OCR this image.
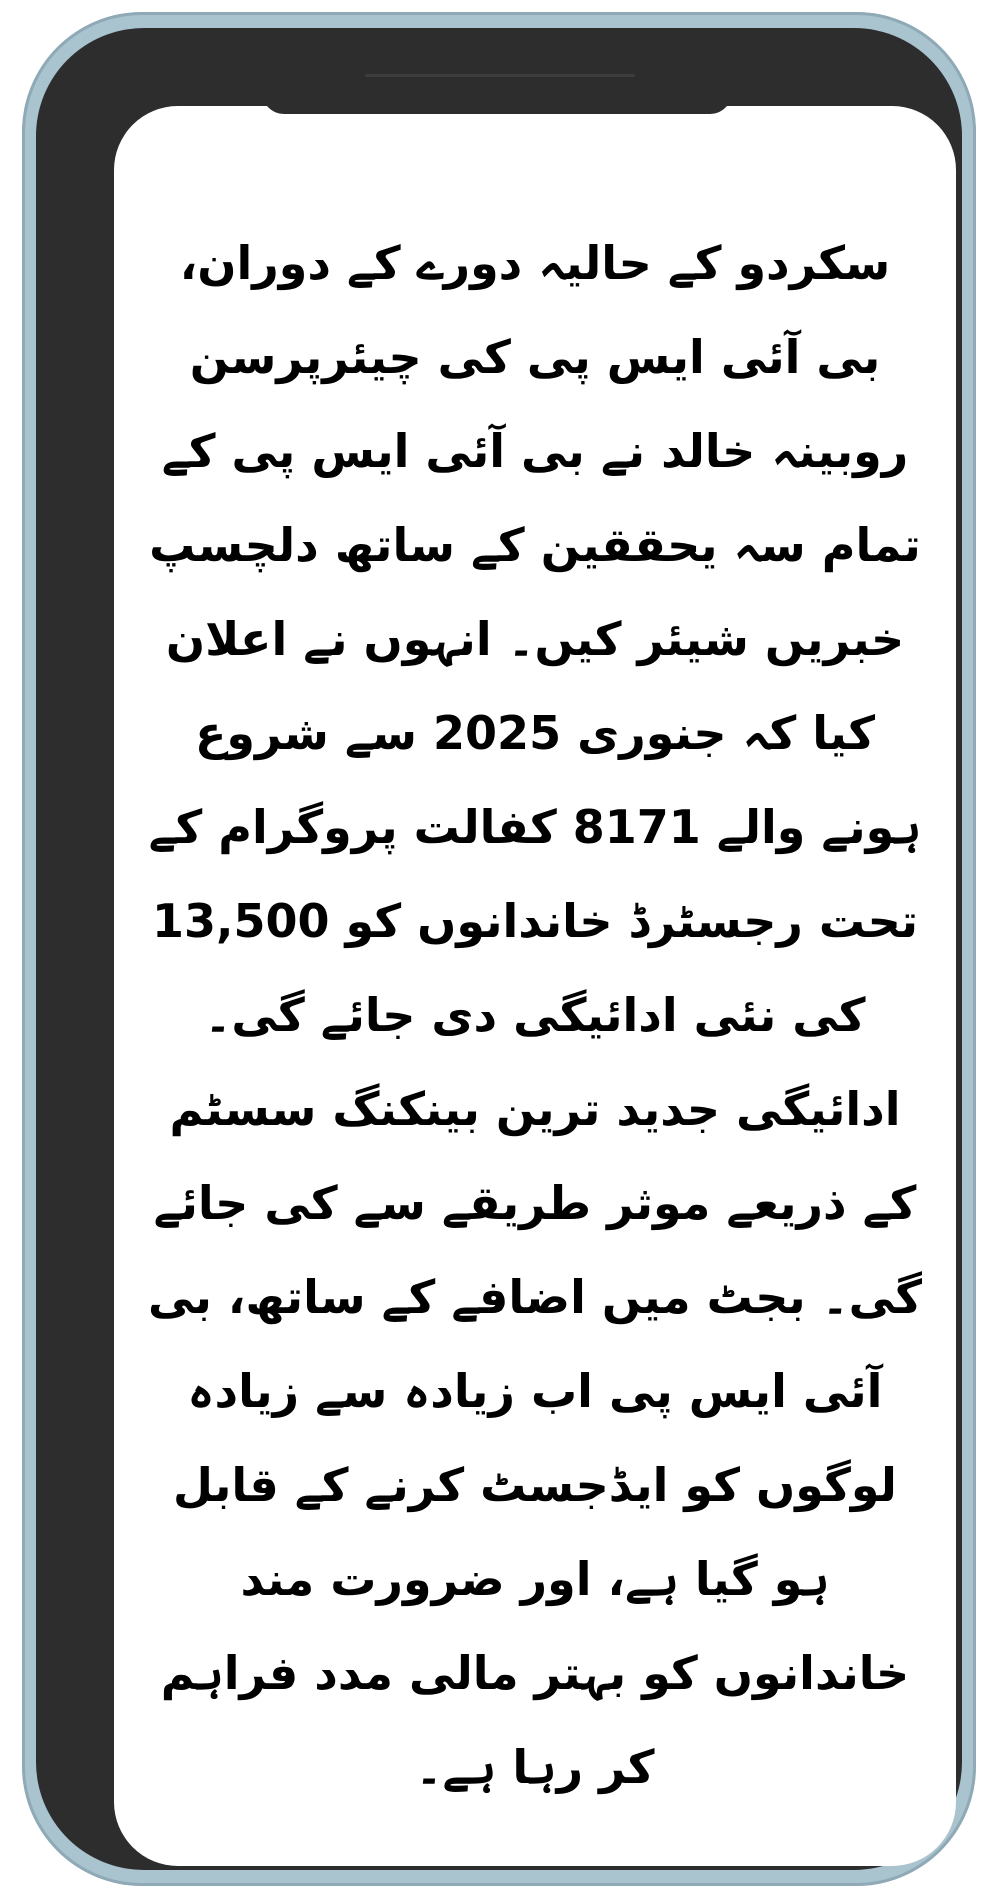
سکردو کے حالیہ دورے کے دوران، بی آئی ایس پی کی چیئرپرسن روبینہ خالد نے بی آئی ایس پی کے تمام سہ یحققین کے ساتھ دلچسپ خبریں شیئر کیں۔ انہوں نے اعلان کیا کہ جنوری 2025 سے شروع ہونے والے 8171 کفالت پروگرام کے تحت رجسٹرڈ خاندانوں کو 13,500 کی نئی ادائیگی دی جائے گی۔ ادائیگی جدید ترین بینکنگ سسٹم کے ذریعے موثر طریقے سے کی جائے گی۔ بجٹ میں اضافے کے ساتھ، بی آئی ایس پی اب زیادہ سے زیادہ لوگوں کو ایڈجسٹ کرنے کے قابل ہو گیا ہے، اور ضرورت مند خاندانوں کو بہتر مالی مدد فراہم کر رہا ہے۔
